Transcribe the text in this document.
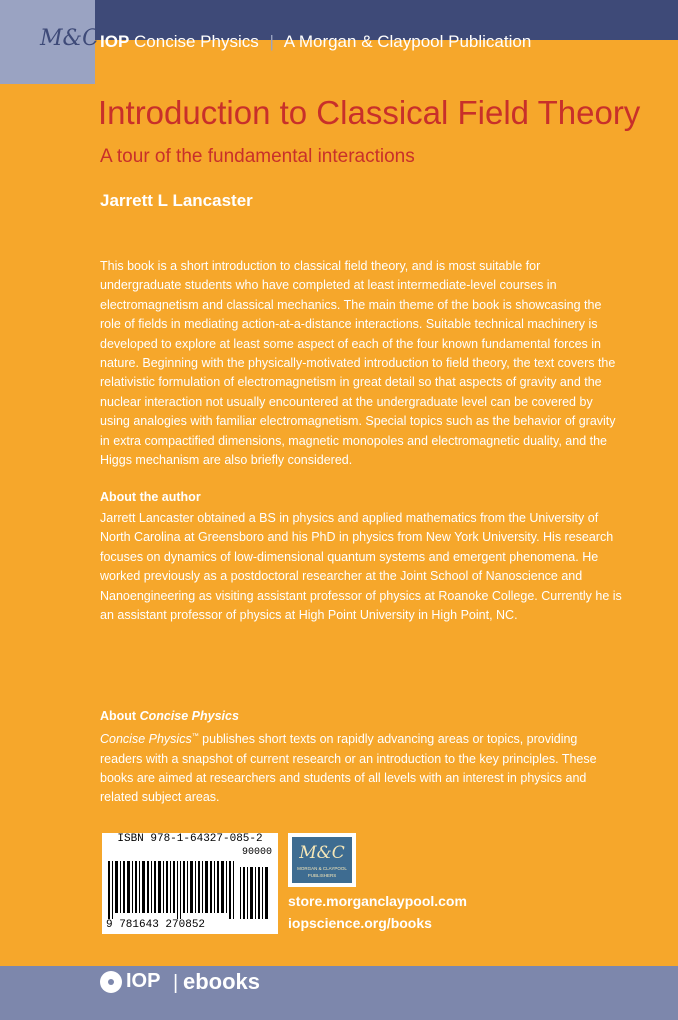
M&C IOP Concise Physics | A Morgan & Claypool Publication
Introduction to Classical Field Theory
A tour of the fundamental interactions
Jarrett L Lancaster

This book is a short introduction to classical field theory, and is most suitable for undergraduate students who have completed at least intermediate-level courses in electromagnetism and classical mechanics. The main theme of the book is showcasing the role of fields in mediating action-at-a-distance interactions. Suitable technical machinery is developed to explore at least some aspect of each of the four known fundamental forces in nature. Beginning with the physically-motivated introduction to field theory, the text covers the relativistic formulation of electromagnetism in great detail so that aspects of gravity and the nuclear interaction not usually encountered at the undergraduate level can be covered by using analogies with familiar electromagnetism. Special topics such as the behavior of gravity in extra compactified dimensions, magnetic monopoles and electromagnetic duality, and the Higgs mechanism are also briefly considered.

About the author

Jarrett Lancaster obtained a BS in physics and applied mathematics from the University of North Carolina at Greensboro and his PhD in physics from New York University. His research focuses on dynamics of low-dimensional quantum systems and emergent phenomena. He worked previously as a postdoctoral researcher at the Joint School of Nanoscience and Nanoengineering as visiting assistant professor of physics at Roanoke College. Currently he is an assistant professor of physics at High Point University in High Point, NC.

About Concise Physics

Concise Physics™ publishes short texts on rapidly advancing areas or topics, providing readers with a snapshot of current research or an introduction to the key principles. These books are aimed at researchers and students of all levels with an interest in physics and related subject areas.

ISBN 978-1-64327-085-2
90000
9 781643 270852
M&C
MORGAN & CLAYPOOL
PUBLISHERS
store.morganclaypool.com
iopscience.org/books
IOP | ebooks
